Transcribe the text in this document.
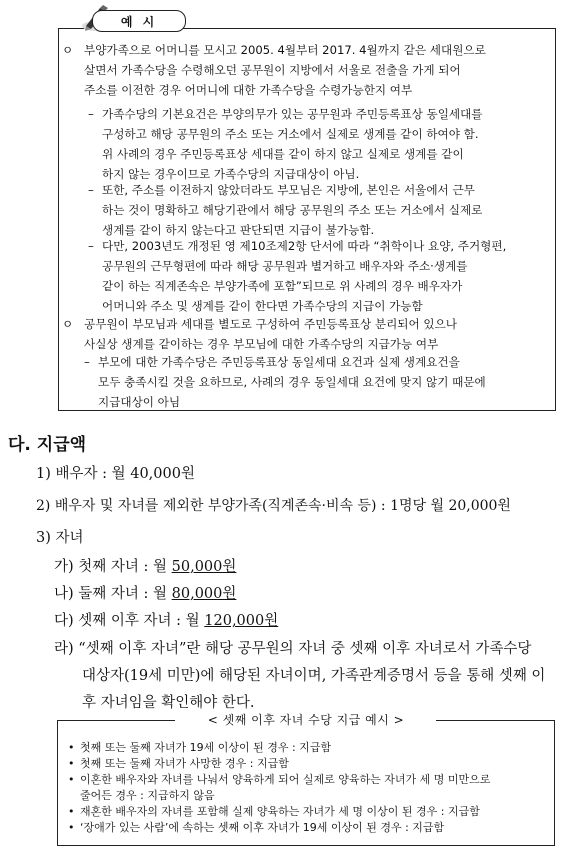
예 시
ㅇ 부양가족으로 어머니를 모시고 2005. 4월부터 2017. 4월까지 같은 세대원으로
살면서 가족수당을 수령해오던 공무원이 지방에서 서울로 전출을 가게 되어
주소를 이전한 경우 어머니에 대한 가족수당을 수령가능한지 여부
– 가족수당의 기본요건은 부양의무가 있는 공무원과 주민등록표상 동일세대를
구성하고 해당 공무원의 주소 또는 거소에서 실제로 생계를 같이 하여야 함.
위 사례의 경우 주민등록표상 세대를 같이 하지 않고 실제로 생계를 같이
하지 않는 경우이므로 가족수당의 지급대상이 아님.
– 또한, 주소를 이전하지 않았더라도 부모님은 지방에, 본인은 서울에서 근무
하는 것이 명확하고 해당기관에서 해당 공무원의 주소 또는 거소에서 실제로
생계를 같이 하지 않는다고 판단되면 지급이 불가능함.
– 다만, 2003년도 개정된 영 제10조제2항 단서에 따라 “취학이나 요양, 주거형편,
공무원의 근무형편에 따라 해당 공무원과 별거하고 배우자와 주소·생계를
같이 하는 직계존속은 부양가족에 포함”되므로 위 사례의 경우 배우자가
어머니와 주소 및 생계를 같이 한다면 가족수당의 지급이 가능함
ㅇ 공무원이 부모님과 세대를 별도로 구성하여 주민등록표상 분리되어 있으나
사실상 생계를 같이하는 경우 부모님에 대한 가족수당의 지급가능 여부
– 부모에 대한 가족수당은 주민등록표상 동일세대 요건과 실제 생계요건을
모두 충족시킬 것을 요하므로, 사례의 경우 동일세대 요건에 맞지 않기 때문에
지급대상이 아님
다. 지급액
1) 배우자 : 월 40,000원
2) 배우자 및 자녀를 제외한 부양가족(직계존속·비속 등) : 1명당 월 20,000원
3) 자녀
가) 첫째 자녀 : 월 50,000원
나) 둘째 자녀 : 월 80,000원
다) 셋째 이후 자녀 : 월 120,000원
라) “셋째 이후 자녀”란 해당 공무원의 자녀 중 셋째 이후 자녀로서 가족수당
대상자(19세 미만)에 해당된 자녀이며, 가족관계증명서 등을 통해 셋째 이
후 자녀임을 확인해야 한다.
< 셋째 이후 자녀 수당 지급 예시 >
• 첫째 또는 둘째 자녀가 19세 이상이 된 경우 : 지급함
• 첫째 또는 둘째 자녀가 사망한 경우 : 지급함
• 이혼한 배우자와 자녀를 나눠서 양육하게 되어 실제로 양육하는 자녀가 세 명 미만으로
줄어든 경우 : 지급하지 않음
• 재혼한 배우자의 자녀를 포함해 실제 양육하는 자녀가 세 명 이상이 된 경우 : 지급함
• ‘장애가 있는 사람’에 속하는 셋째 이후 자녀가 19세 이상이 된 경우 : 지급함
